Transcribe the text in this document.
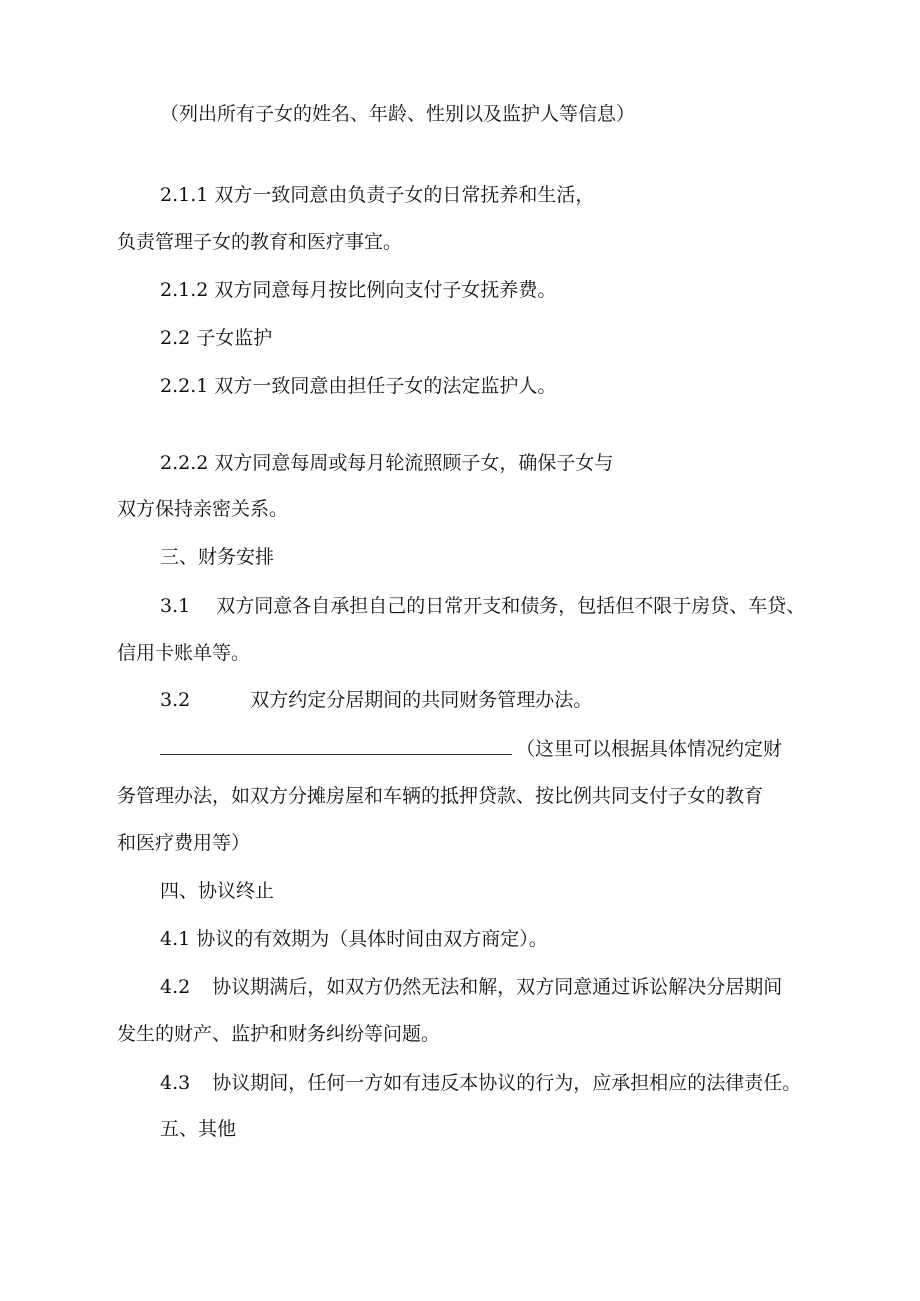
（列出所有子女的姓名、年龄、性别以及监护人等信息）

2.1.1 双方一致同意由负责子女的日常抚养和生活，

负责管理子女的教育和医疗事宜。

2.1.2 双方同意每月按比例向支付子女抚养费。

2.2 子女监护

2.2.1 双方一致同意由担任子女的法定监护人。

2.2.2 双方同意每周或每月轮流照顾子女，确保子女与

双方保持亲密关系。

三、财务安排

3.1 双方同意各自承担自己的日常开支和债务，包括但不限于房贷、车贷、

信用卡账单等。

3.2	双方约定分居期间的共同财务管理办法。

（这里可以根据具体情况约定财

务管理办法，如双方分摊房屋和车辆的抵押贷款、按比例共同支付子女的教育

和医疗费用等）

四、协议终止

4.1 协议的有效期为（具体时间由双方商定）。

4.2 协议期满后，如双方仍然无法和解，双方同意通过诉讼解决分居期间

发生的财产、监护和财务纠纷等问题。

4.3 协议期间，任何一方如有违反本协议的行为，应承担相应的法律责任。

五、其他
